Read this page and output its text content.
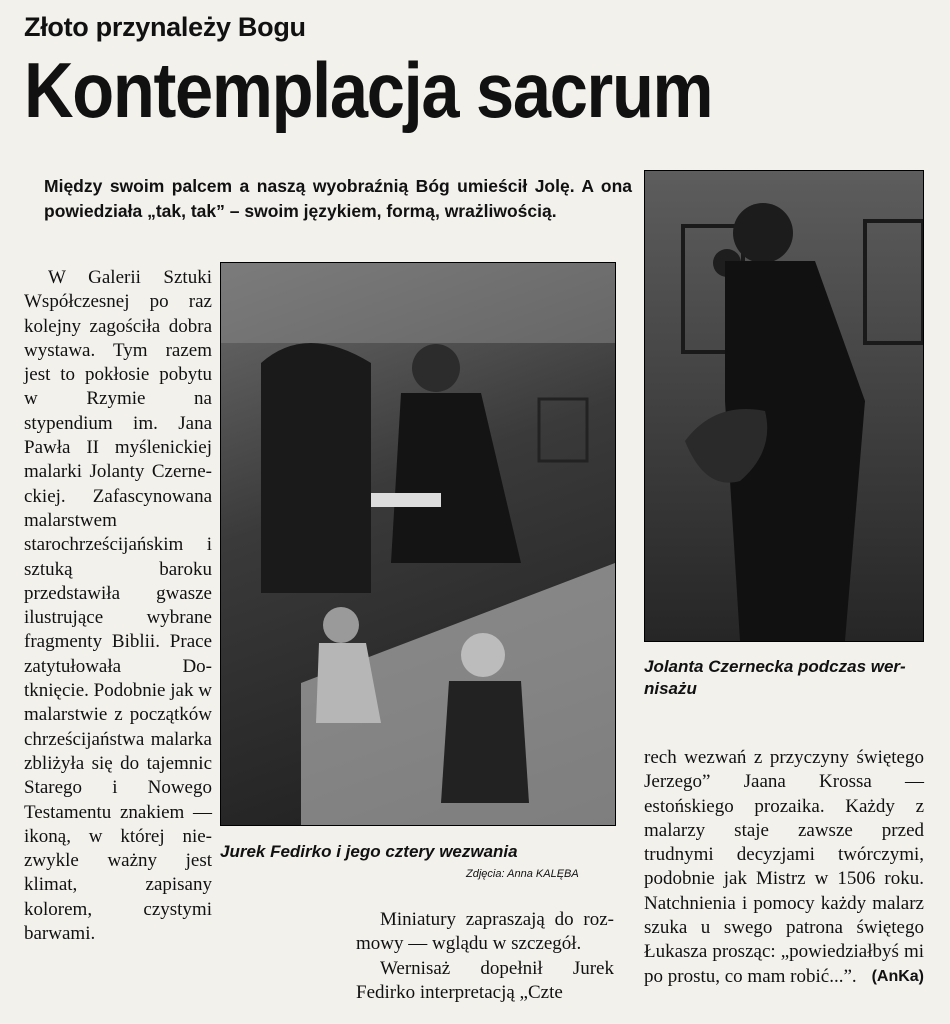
Złoto przynależy Bogu
Kontemplacja sacrum
Między swoim palcem a naszą wyobraźnią Bóg umieścił Jolę. A ona powiedziała „tak, tak” – swoim językiem, formą, wrażliwością.

W Galerii Sztuki Współczesnej po raz kolejny zagościła dobra wystawa. Tym razem jest to pokłosie pobytu w Rzymie na stypendium im. Jana Pawła II myślenickiej malarki Jolanty Czerneckiej. Zafascynowana malarstwem starochrześcijańskim i sztuką baroku przedstawiła gwasze ilustrujące wybrane fragmenty Biblii. Prace zatytułowała Dotknięcie. Podobnie jak w malarstwie z początków chrześcijaństwa malarka zbliżyła się do tajemnic Starego i Nowego Testamentu znakiem — ikoną, w której niezwykle ważny jest klimat, zapisany kolorem, czystymi barwami.

Jurek Fedirko i jego cztery wezwania
Zdjęcia: Anna KALĘBA

Miniatury zapraszają do rozmowy — wglądu w szczegół.

Wernisaż dopełnił Jurek Fedirko interpretacją „Czte

Jolanta Czernecka podczas wernisażu

rech wezwań z przyczyny świętego Jerzego” Jaana Krossa — estońskiego prozaika. Każdy z malarzy staje zawsze przed trudnymi decyzjami twórczymi, podobnie jak Mistrz w 1506 roku. Natchnienia i pomocy każdy malarz szuka u swego patrona świętego Łukasza prosząc: „powiedziałbyś mi po prostu, co mam robić...”. (AnKa)
